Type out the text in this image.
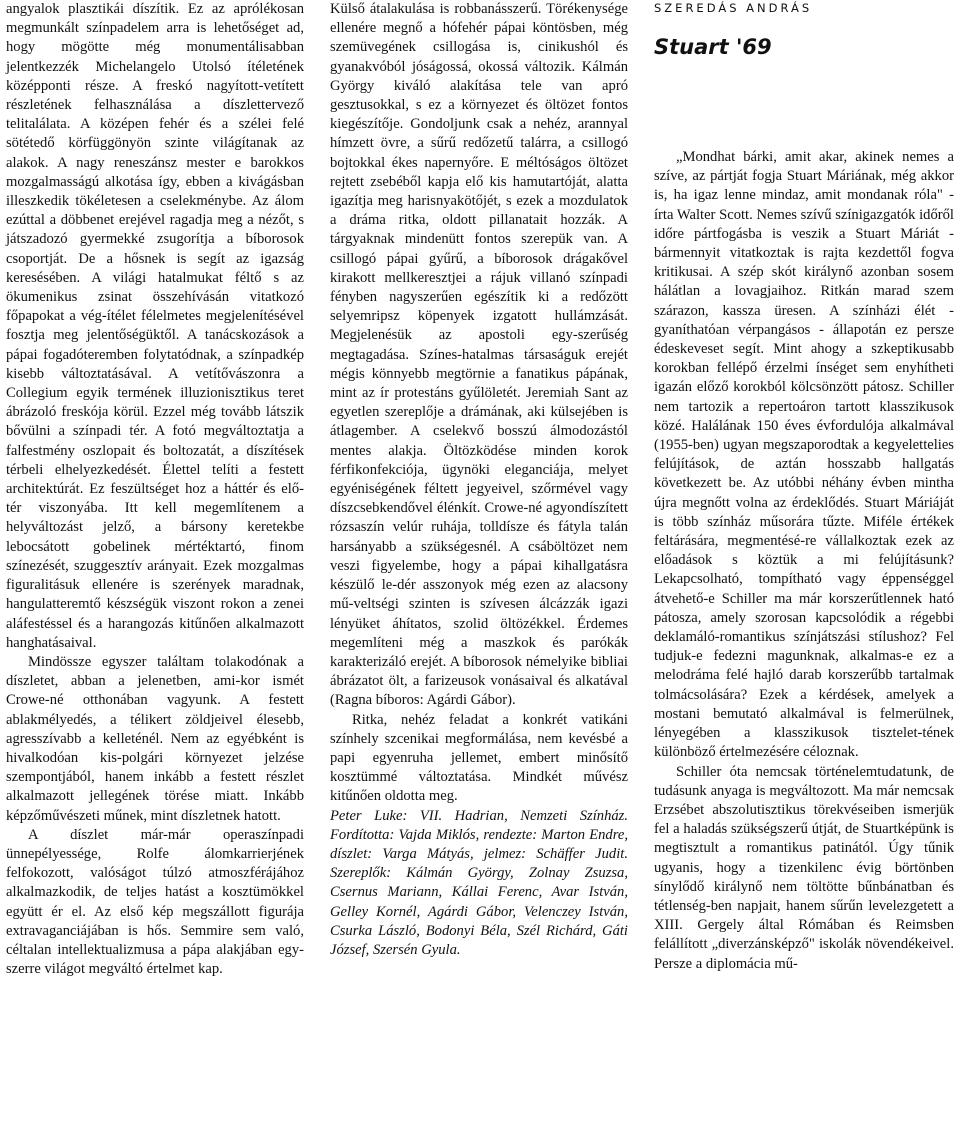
angyalok plasztikái díszítik. Ez az aprólékosan megmunkált színpadelem arra is lehetőséget ad, hogy mögötte még monumentálisabban jelentkezzék Michelangelo Utolsó ítéletének középponti része. A freskó nagyított-vetített részletének felhasználása a díszlettervező telitalálata. A középen fehér és a szélei felé sötétedő körfüggönyön szinte világítanak az alakok. A nagy reneszánsz mester e barokkos mozgalmasságú alkotása így, ebben a kivágásban illeszkedik tökéletesen a cselekménybe. Az álom ezúttal a döbbenet erejével ragadja meg a nézőt, s játszadozó gyermekké zsugorítja a bíborosok csoportját. De a hősnek is segít az igazság keresésében. A világi hatalmukat féltő s az ökumenikus zsinat összehívásán vitatkozó főpapokat a vég-ítélet félelmetes megjelenítésével fosztja meg jelentőségüktől. A tanácskozások a pápai fogadóteremben folytatódnak, a színpadkép kisebb változtatásával. A vetítővászonra a Collegium egyik termének illuzionisztikus teret ábrázoló freskója körül. Ezzel még tovább látszik bővülni a színpadi tér. A fotó megváltoztatja a falfestmény oszlopait és boltozatát, a díszítések térbeli elhelyezkedését. Élettel telíti a festett architektúrát. Ez feszültséget hoz a háttér és elő-tér viszonyába. Itt kell megemlítenem a helyváltozást jelző, a bársony keretekbe lebocsátott gobelinek mértéktartó, finom színezését, szuggesztív arányait. Ezek mozgalmas figuralitásuk ellenére is szerények maradnak, hangulatteremtő készségük viszont rokon a zenei aláfestéssel és a harangozás kitűnően alkalmazott hanghatásaival.

Mindössze egyszer találtam tolakodónak a díszletet, abban a jelenetben, ami-kor ismét Crowe-né otthonában vagyunk. A festett ablakmélyedés, a télikert zöldjeivel élesebb, agresszívabb a kelleténél. Nem az egyébként is hivalkodóan kis-polgári környezet jelzése szempontjából, hanem inkább a festett részlet alkalmazott jellegének törése miatt. Inkább képzőművészeti műnek, mint díszletnek hatott.

A díszlet már-már operaszínpadi ünnepélyessége, Rolfe álomkarrierjének felfokozott, valóságot túlzó atmoszférájához alkalmazkodik, de teljes hatást a kosztümökkel együtt ér el. Az első kép megszállott figurája extravaganciájában is hős. Semmire sem való, céltalan intellektualizmusa a pápa alakjában egy-szerre világot megváltó értelmet kap.

Külső átalakulása is robbanásszerű. Törékenysége ellenére megnő a hófehér pápai köntösben, még szemüvegének csillogása is, cinikushól és gyanakvóból jóságossá, okossá változik. Kálmán György kiváló alakítása tele van apró gesztusokkal, s ez a környezet és öltözet fontos kiegészítője. Gondoljunk csak a nehéz, arannyal hímzett övre, a sűrű redőzetű talárra, a csillogó bojtokkal ékes napernyőre. E méltóságos öltözet rejtett zsebéből kapja elő kis hamutartóját, alatta igazítja meg harisnyakötőjét, s ezek a mozdulatok a dráma ritka, oldott pillanatait hozzák. A tárgyaknak mindenütt fontos szerepük van. A csillogó pápai gyűrű, a bíborosok drágakővel kirakott mellkeresztjei a rájuk villanó színpadi fényben nagyszerűen egészítik ki a redőzött selyemripsz köpenyek izgatott hullámzását. Megjelenésük az apostoli egy-szerűség megtagadása. Színes-hatalmas társaságuk erejét mégis könnyebb megtörnie a fanatikus pápának, mint az ír protestáns gyűlöletét. Jeremiah Sant az egyetlen szereplője a drámának, aki külsejében is átlagember. A cselekvő bosszú álmodozástól mentes alakja. Öltözködése minden korok férfikonfekciója, ügynöki eleganciája, melyet egyéniségének féltett jegyeivel, szőrmével vagy díszcsebkendővel élénkít. Crowe-né agyondíszített rózsaszín velúr ruhája, tolldísze és fátyla talán harsányabb a szükségesnél. A csáböltözet nem veszi figyelembe, hogy a pápai kihallgatásra készülő le-dér asszonyok még ezen az alacsony mű-veltségi szinten is szívesen álcázzák igazi lényüket áhítatos, szolid öltözékkel. Érdemes megemlíteni még a maszkok és parókák karakterizáló erejét. A bíborosok némelyike bibliai ábrázatot ölt, a farizeusok vonásaival és alkatával (Ragna bíboros: Agárdi Gábor).

Ritka, nehéz feladat a konkrét vatikáni színhely szcenikai megformálása, nem kevésbé a papi egyenruha jellemet, embert minősítő kosztümmé változtatása. Mindkét művész kitűnően oldotta meg.

Peter Luke: VII. Hadrian, Nemzeti Színház. Fordította: Vajda Miklós, rendezte: Marton Endre, díszlet: Varga Mátyás, jelmez: Schäffer Judit. Szereplők: Kálmán György, Zolnay Zsuzsa, Csernus Mariann, Kállai Ferenc, Avar István, Gelley Kornél, Agárdi Gábor, Velenczey István, Csurka László, Bodonyi Béla, Szél Richárd, Gáti József, Szersén Gyula.

SZEREDÁS ANDRÁS
Stuart '69

„Mondhat bárki, amit akar, akinek nemes a szíve, az pártját fogja Stuart Máriának, még akkor is, ha igaz lenne mindaz, amit mondanak róla" - írta Walter Scott. Nemes szívű színigazgatók időről időre pártfogásba is veszik a Stuart Máriát - bármennyit vitatkoztak is rajta kezdettől fogva kritikusai. A szép skót királynő azonban sosem hálátlan a lovagjaihoz. Ritkán marad szem szárazon, kassza üresen. A színházi élét - gyaníthatóan vérpangásos - állapotán ez persze édeskeveset segít. Mint ahogy a szkeptikusabb korokban fellépő érzelmi ínséget sem enyhítheti igazán előző korokból kölcsönzött pátosz. Schiller nem tartozik a repertoáron tartott klasszikusok közé. Halálának 150 éves évfordulója alkalmával (1955-ben) ugyan megszaporodtak a kegyelettelies felújítások, de aztán hosszabb hallgatás következett be. Az utóbbi néhány évben mintha újra megnőtt volna az érdeklődés. Stuart Máriáját is több színház műsorára tűzte. Miféle értékek feltárására, megmentésé-re vállalkoztak ezek az előadások s köztük a mi felújításunk? Lekapcsolható, tompítható vagy éppenséggel átvehető-e Schiller ma már korszerűtlennek ható pátosza, amely szorosan kapcsolódik a régebbi deklamáló-romantikus színjátszási stílushoz? Fel tudjuk-e fedezni magunknak, alkalmas-e ez a melodráma felé hajló darab korszerűbb tartalmak tolmácsolására? Ezek a kérdések, amelyek a mostani bemutató alkalmával is felmerülnek, lényegében a klasszikusok tisztelet-tének különböző értelmezésére céloznak.

Schiller óta nemcsak történelemtudatunk, de tudásunk anyaga is megváltozott. Ma már nemcsak Erzsébet abszolutisztikus törekvéseiben ismerjük fel a haladás szükségszerű útját, de Stuartképünk is megtisztult a romantikus patinától. Úgy tűnik ugyanis, hogy a tizenkilenc évig börtönben sínylődő királynő nem töltötte bűnbánatban és tétlenség-ben napjait, hanem sűrűn levelezgetett a XIII. Gergely által Rómában és Reimsben felállított „diverzánsképző" iskolák növendékeivel. Persze a diplomácia mű-
